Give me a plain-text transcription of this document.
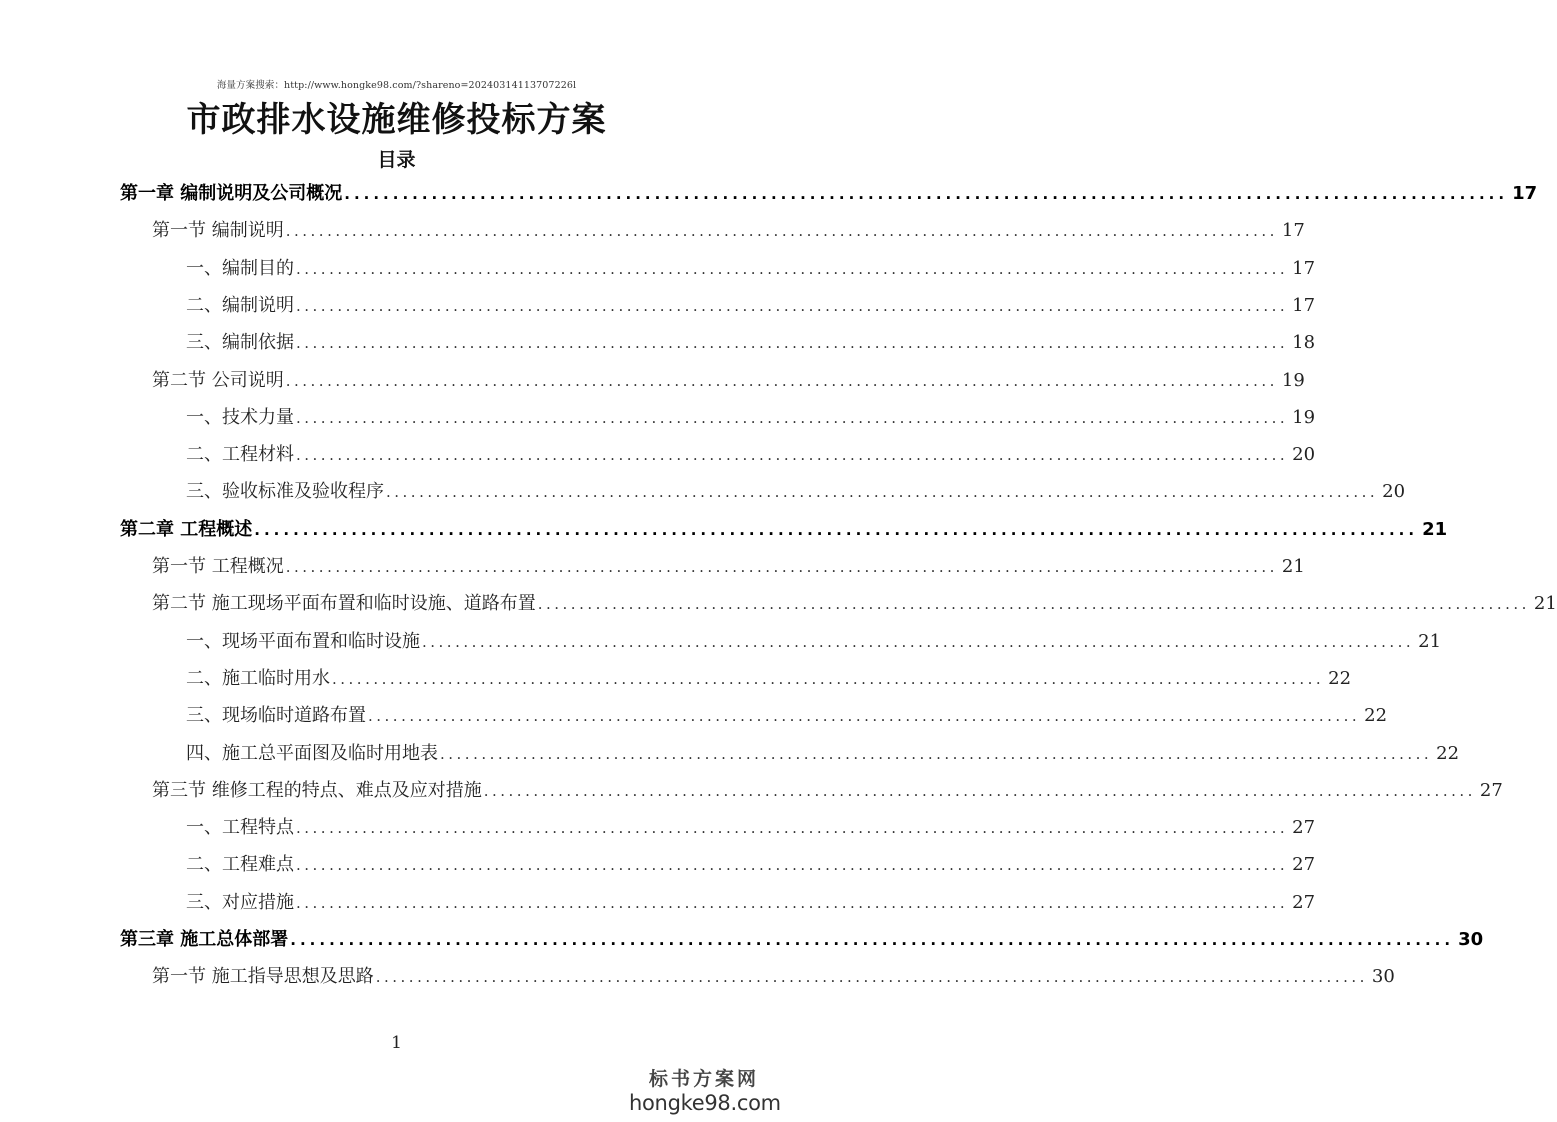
海量方案搜索：http://www.hongke98.com/?shareno=20240314113707226l
市政排水设施维修投标方案
目录
第一章 编制说明及公司概况 ........................................................................................................................ 17
第一节 编制说明 ........................................................................................................................ 17
一、编制目的 ........................................................................................................................ 17
二、编制说明 ........................................................................................................................ 17
三、编制依据 ........................................................................................................................ 18
第二节 公司说明 ........................................................................................................................ 19
一、技术力量 ........................................................................................................................ 19
二、工程材料 ........................................................................................................................ 20
三、验收标准及验收程序 ........................................................................................................................ 20
第二章 工程概述 ........................................................................................................................ 21
第一节 工程概况 ........................................................................................................................ 21
第二节 施工现场平面布置和临时设施、道路布置 ........................................................................................................................ 21
一、现场平面布置和临时设施 ........................................................................................................................ 21
二、施工临时用水 ........................................................................................................................ 22
三、现场临时道路布置 ........................................................................................................................ 22
四、施工总平面图及临时用地表 ........................................................................................................................ 22
第三节 维修工程的特点、难点及应对措施 ........................................................................................................................ 27
一、工程特点 ........................................................................................................................ 27
二、工程难点 ........................................................................................................................ 27
三、对应措施 ........................................................................................................................ 27
第三章 施工总体部署 ........................................................................................................................ 30
第一节 施工指导思想及思路 ........................................................................................................................ 30
1
标书方案网
hongke98.com
